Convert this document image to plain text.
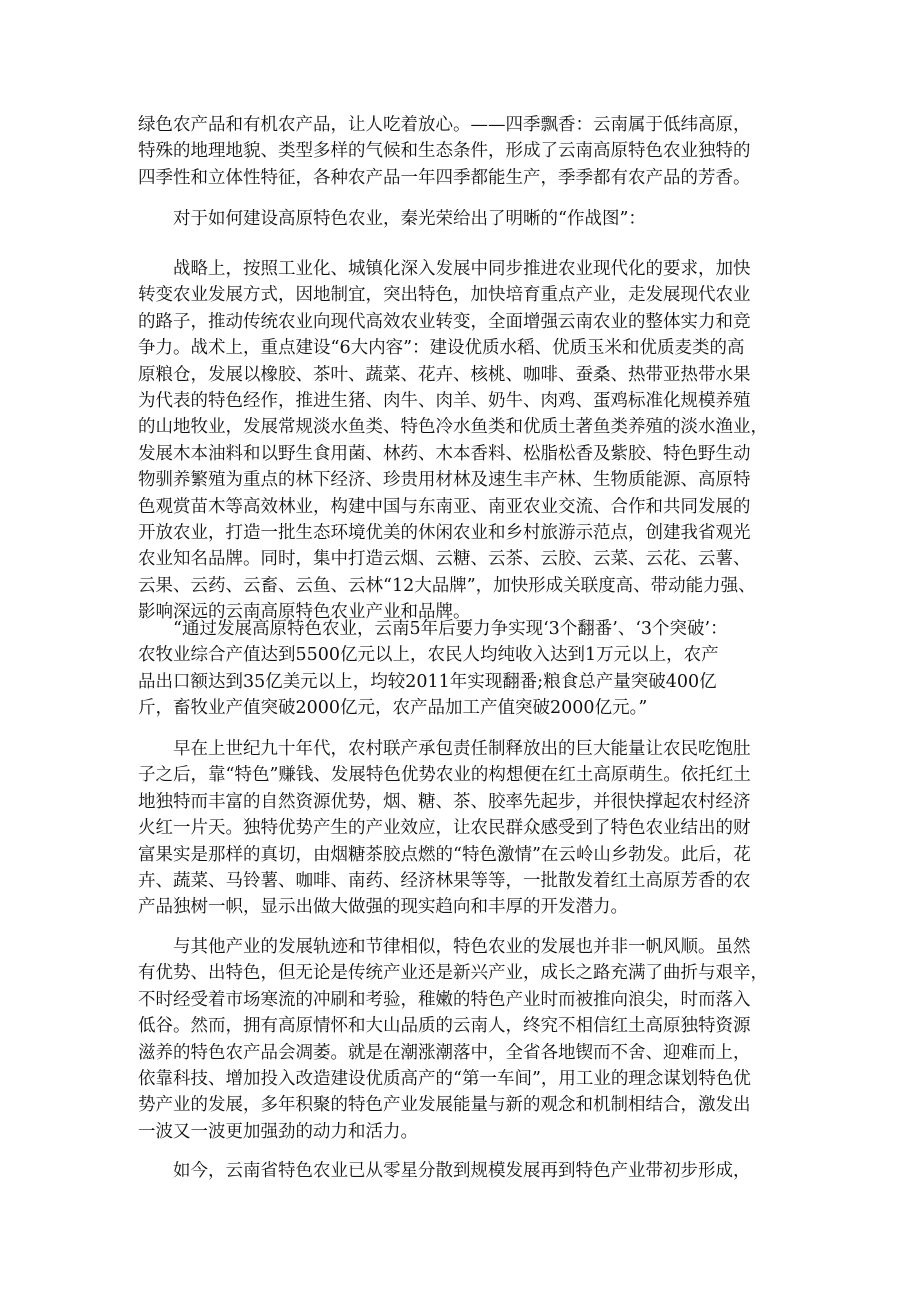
绿色农产品和有机农产品，让人吃着放心。——四季飘香：云南属于低纬高原，
特殊的地理地貌、类型多样的气候和生态条件，形成了云南高原特色农业独特的
四季性和立体性特征，各种农产品一年四季都能生产，季季都有农产品的芳香。
　　对于如何建设高原特色农业，秦光荣给出了明晰的“作战图”：
　　战略上，按照工业化、城镇化深入发展中同步推进农业现代化的要求，加快
转变农业发展方式，因地制宜，突出特色，加快培育重点产业，走发展现代农业
的路子，推动传统农业向现代高效农业转变，全面增强云南农业的整体实力和竞
争力。战术上，重点建设“6大内容”：建设优质水稻、优质玉米和优质麦类的高
原粮仓，发展以橡胶、茶叶、蔬菜、花卉、核桃、咖啡、蚕桑、热带亚热带水果
为代表的特色经作，推进生猪、肉牛、肉羊、奶牛、肉鸡、蛋鸡标准化规模养殖
的山地牧业，发展常规淡水鱼类、特色冷水鱼类和优质土著鱼类养殖的淡水渔业，
发展木本油料和以野生食用菌、林药、木本香料、松脂松香及紫胶、特色野生动
物驯养繁殖为重点的林下经济、珍贵用材林及速生丰产林、生物质能源、高原特
色观赏苗木等高效林业，构建中国与东南亚、南亚农业交流、合作和共同发展的
开放农业，打造一批生态环境优美的休闲农业和乡村旅游示范点，创建我省观光
农业知名品牌。同时，集中打造云烟、云糖、云茶、云胶、云菜、云花、云薯、
云果、云药、云畜、云鱼、云林“12大品牌”，加快形成关联度高、带动能力强、
影响深远的云南高原特色农业产业和品牌。
　　“通过发展高原特色农业，云南5年后要力争实现‘3个翻番’、‘3个突破’：
农牧业综合产值达到5500亿元以上，农民人均纯收入达到1万元以上，农产
品出口额达到35亿美元以上，均较2011年实现翻番;粮食总产量突破400亿
斤，畜牧业产值突破2000亿元，农产品加工产值突破2000亿元。”
　　早在上世纪九十年代，农村联产承包责任制释放出的巨大能量让农民吃饱肚
子之后，靠“特色”赚钱、发展特色优势农业的构想便在红土高原萌生。依托红土
地独特而丰富的自然资源优势，烟、糖、茶、胶率先起步，并很快撑起农村经济
火红一片天。独特优势产生的产业效应，让农民群众感受到了特色农业结出的财
富果实是那样的真切，由烟糖茶胶点燃的“特色激情”在云岭山乡勃发。此后，花
卉、蔬菜、马铃薯、咖啡、南药、经济林果等等，一批散发着红土高原芳香的农
产品独树一帜，显示出做大做强的现实趋向和丰厚的开发潜力。
　　与其他产业的发展轨迹和节律相似，特色农业的发展也并非一帆风顺。虽然
有优势、出特色，但无论是传统产业还是新兴产业，成长之路充满了曲折与艰辛，
不时经受着市场寒流的冲刷和考验，稚嫩的特色产业时而被推向浪尖，时而落入
低谷。然而，拥有高原情怀和大山品质的云南人，终究不相信红土高原独特资源
滋养的特色农产品会凋萎。就是在潮涨潮落中，全省各地锲而不舍、迎难而上，
依靠科技、增加投入改造建设优质高产的“第一车间”，用工业的理念谋划特色优
势产业的发展，多年积聚的特色产业发展能量与新的观念和机制相结合，激发出
一波又一波更加强劲的动力和活力。
　　如今，云南省特色农业已从零星分散到规模发展再到特色产业带初步形成，
